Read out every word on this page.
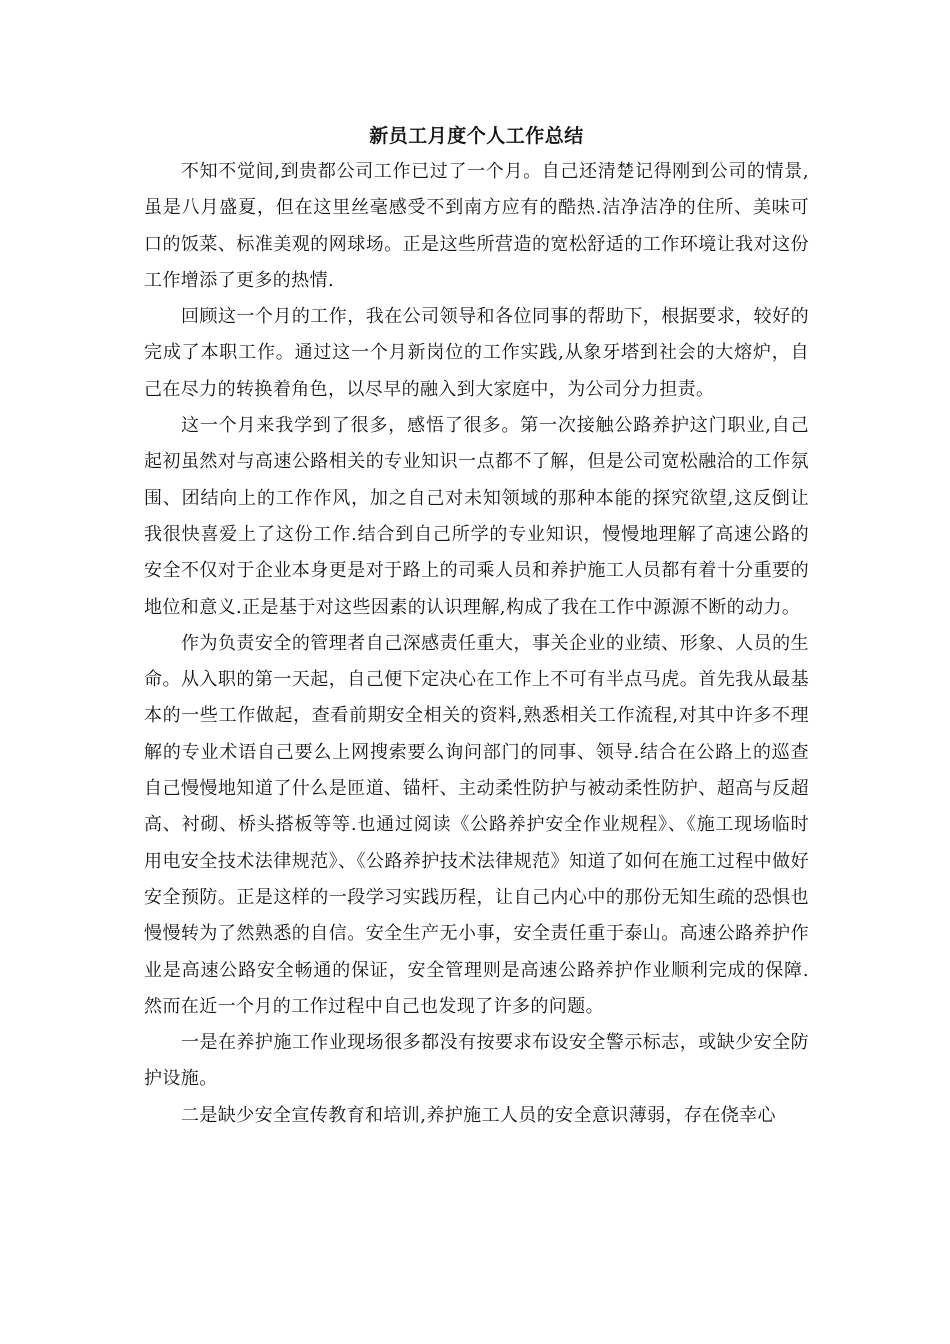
新员工月度个人工作总结

不知不觉间,到贵都公司工作已过了一个月。自己还清楚记得刚到公司的情景,虽是八月盛夏，但在这里丝毫感受不到南方应有的酷热.洁净洁净的住所、美味可口的饭菜、标准美观的网球场。正是这些所营造的宽松舒适的工作环境让我对这份工作增添了更多的热情.

回顾这一个月的工作，我在公司领导和各位同事的帮助下，根据要求，较好的完成了本职工作。通过这一个月新岗位的工作实践,从象牙塔到社会的大熔炉，自己在尽力的转换着角色，以尽早的融入到大家庭中，为公司分力担责。

这一个月来我学到了很多，感悟了很多。第一次接触公路养护这门职业,自己起初虽然对与高速公路相关的专业知识一点都不了解，但是公司宽松融洽的工作氛围、团结向上的工作作风，加之自己对未知领域的那种本能的探究欲望,这反倒让我很快喜爱上了这份工作.结合到自己所学的专业知识，慢慢地理解了高速公路的安全不仅对于企业本身更是对于路上的司乘人员和养护施工人员都有着十分重要的地位和意义.正是基于对这些因素的认识理解,构成了我在工作中源源不断的动力。

作为负责安全的管理者自己深感责任重大，事关企业的业绩、形象、人员的生命。从入职的第一天起，自己便下定决心在工作上不可有半点马虎。首先我从最基本的一些工作做起，查看前期安全相关的资料,熟悉相关工作流程,对其中许多不理解的专业术语自己要么上网搜索要么询问部门的同事、领导.结合在公路上的巡查自己慢慢地知道了什么是匝道、锚杆、主动柔性防护与被动柔性防护、超高与反超高、衬砌、桥头搭板等等.也通过阅读《公路养护安全作业规程》、《施工现场临时用电安全技术法律规范》、《公路养护技术法律规范》知道了如何在施工过程中做好安全预防。正是这样的一段学习实践历程，让自己内心中的那份无知生疏的恐惧也慢慢转为了然熟悉的自信。安全生产无小事，安全责任重于泰山。高速公路养护作业是高速公路安全畅通的保证，安全管理则是高速公路养护作业顺利完成的保障.然而在近一个月的工作过程中自己也发现了许多的问题。

一是在养护施工作业现场很多都没有按要求布设安全警示标志，或缺少安全防护设施。

二是缺少安全宣传教育和培训,养护施工人员的安全意识薄弱，存在侥幸心
